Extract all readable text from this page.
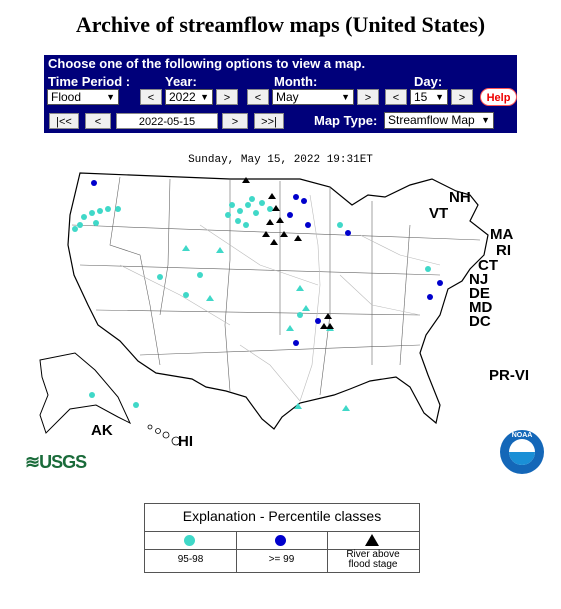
Archive of streamflow maps (United States)
Choose one of the following options to view a map.
Time Period :
Flood	▼
Year:
<	2022 ▼	>
Month:
<	May	▼	>
Day:
<	15 ▼	>
|<<	<	2022-05-15	>	>>|	Map Type: Streamflow Map ▼
Help
Sunday, May 15, 2022 19:31ET
NH
VT
MA
RI
CT
NJ
DE
MD
DC
PR-VI
AK
HI
≋USGS
NOAA
Explanation - Percentile classes
95-98	>= 99	River above flood stage
